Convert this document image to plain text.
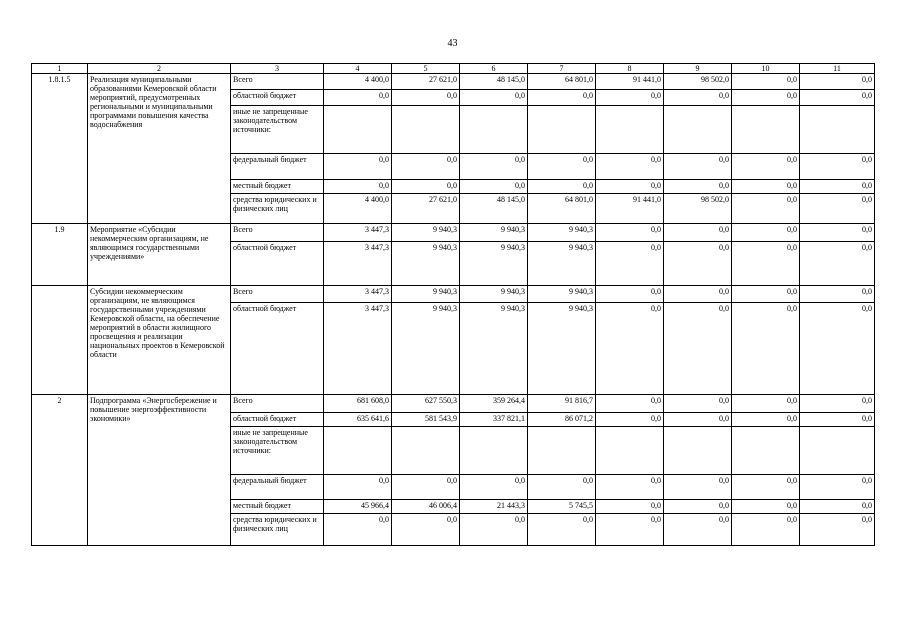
43
1	2	3	4	5	6	7	8	9	10	11
1.8.1.5	Реализация муниципальными образованиями Кемеровской области мероприятий, предусмотренных региональными и муниципальными программами повышения качества водоснабжения	Всего	4 400,0	27 621,0	48 145,0	64 801,0	91 441,0	98 502,0	0,0	0,0
		областной бюджет	0,0	0,0	0,0	0,0	0,0	0,0	0,0	0,0
		иные не запрещенные законодательством источники:								
		федеральный бюджет	0,0	0,0	0,0	0,0	0,0	0,0	0,0	0,0
		местный бюджет	0,0	0,0	0,0	0,0	0,0	0,0	0,0	0,0
		средства юридических и физических лиц	4 400,0	27 621,0	48 145,0	64 801,0	91 441,0	98 502,0	0,0	0,0
1.9	Мероприятие «Субсидии некоммерческим организациям, не являющимся государственными учреждениями»	Всего	3 447,3	9 940,3	9 940,3	9 940,3	0,0	0,0	0,0	0,0
		областной бюджет	3 447,3	9 940,3	9 940,3	9 940,3	0,0	0,0	0,0	0,0
	Субсидии некоммерческим организациям, не являющимся государственными учреждениями Кемеровской области, на обеспечение мероприятий в области жилищного просвещения и реализации национальных проектов в Кемеровской области	Всего	3 447,3	9 940,3	9 940,3	9 940,3	0,0	0,0	0,0	0,0
		областной бюджет	3 447,3	9 940,3	9 940,3	9 940,3	0,0	0,0	0,0	0,0
2	Подпрограмма «Энергосбережение и повышение энергоэффективности экономики»	Всего	681 608,0	627 550,3	359 264,4	91 816,7	0,0	0,0	0,0	0,0
		областной бюджет	635 641,6	581 543,9	337 821,1	86 071,2	0,0	0,0	0,0	0,0
		иные не запрещенные законодательством источники:								
		федеральный бюджет	0,0	0,0	0,0	0,0	0,0	0,0	0,0	0,0
		местный бюджет	45 966,4	46 006,4	21 443,3	5 745,5	0,0	0,0	0,0	0,0
		средства юридических и физических лиц	0,0	0,0	0,0	0,0	0,0	0,0	0,0	0,0
